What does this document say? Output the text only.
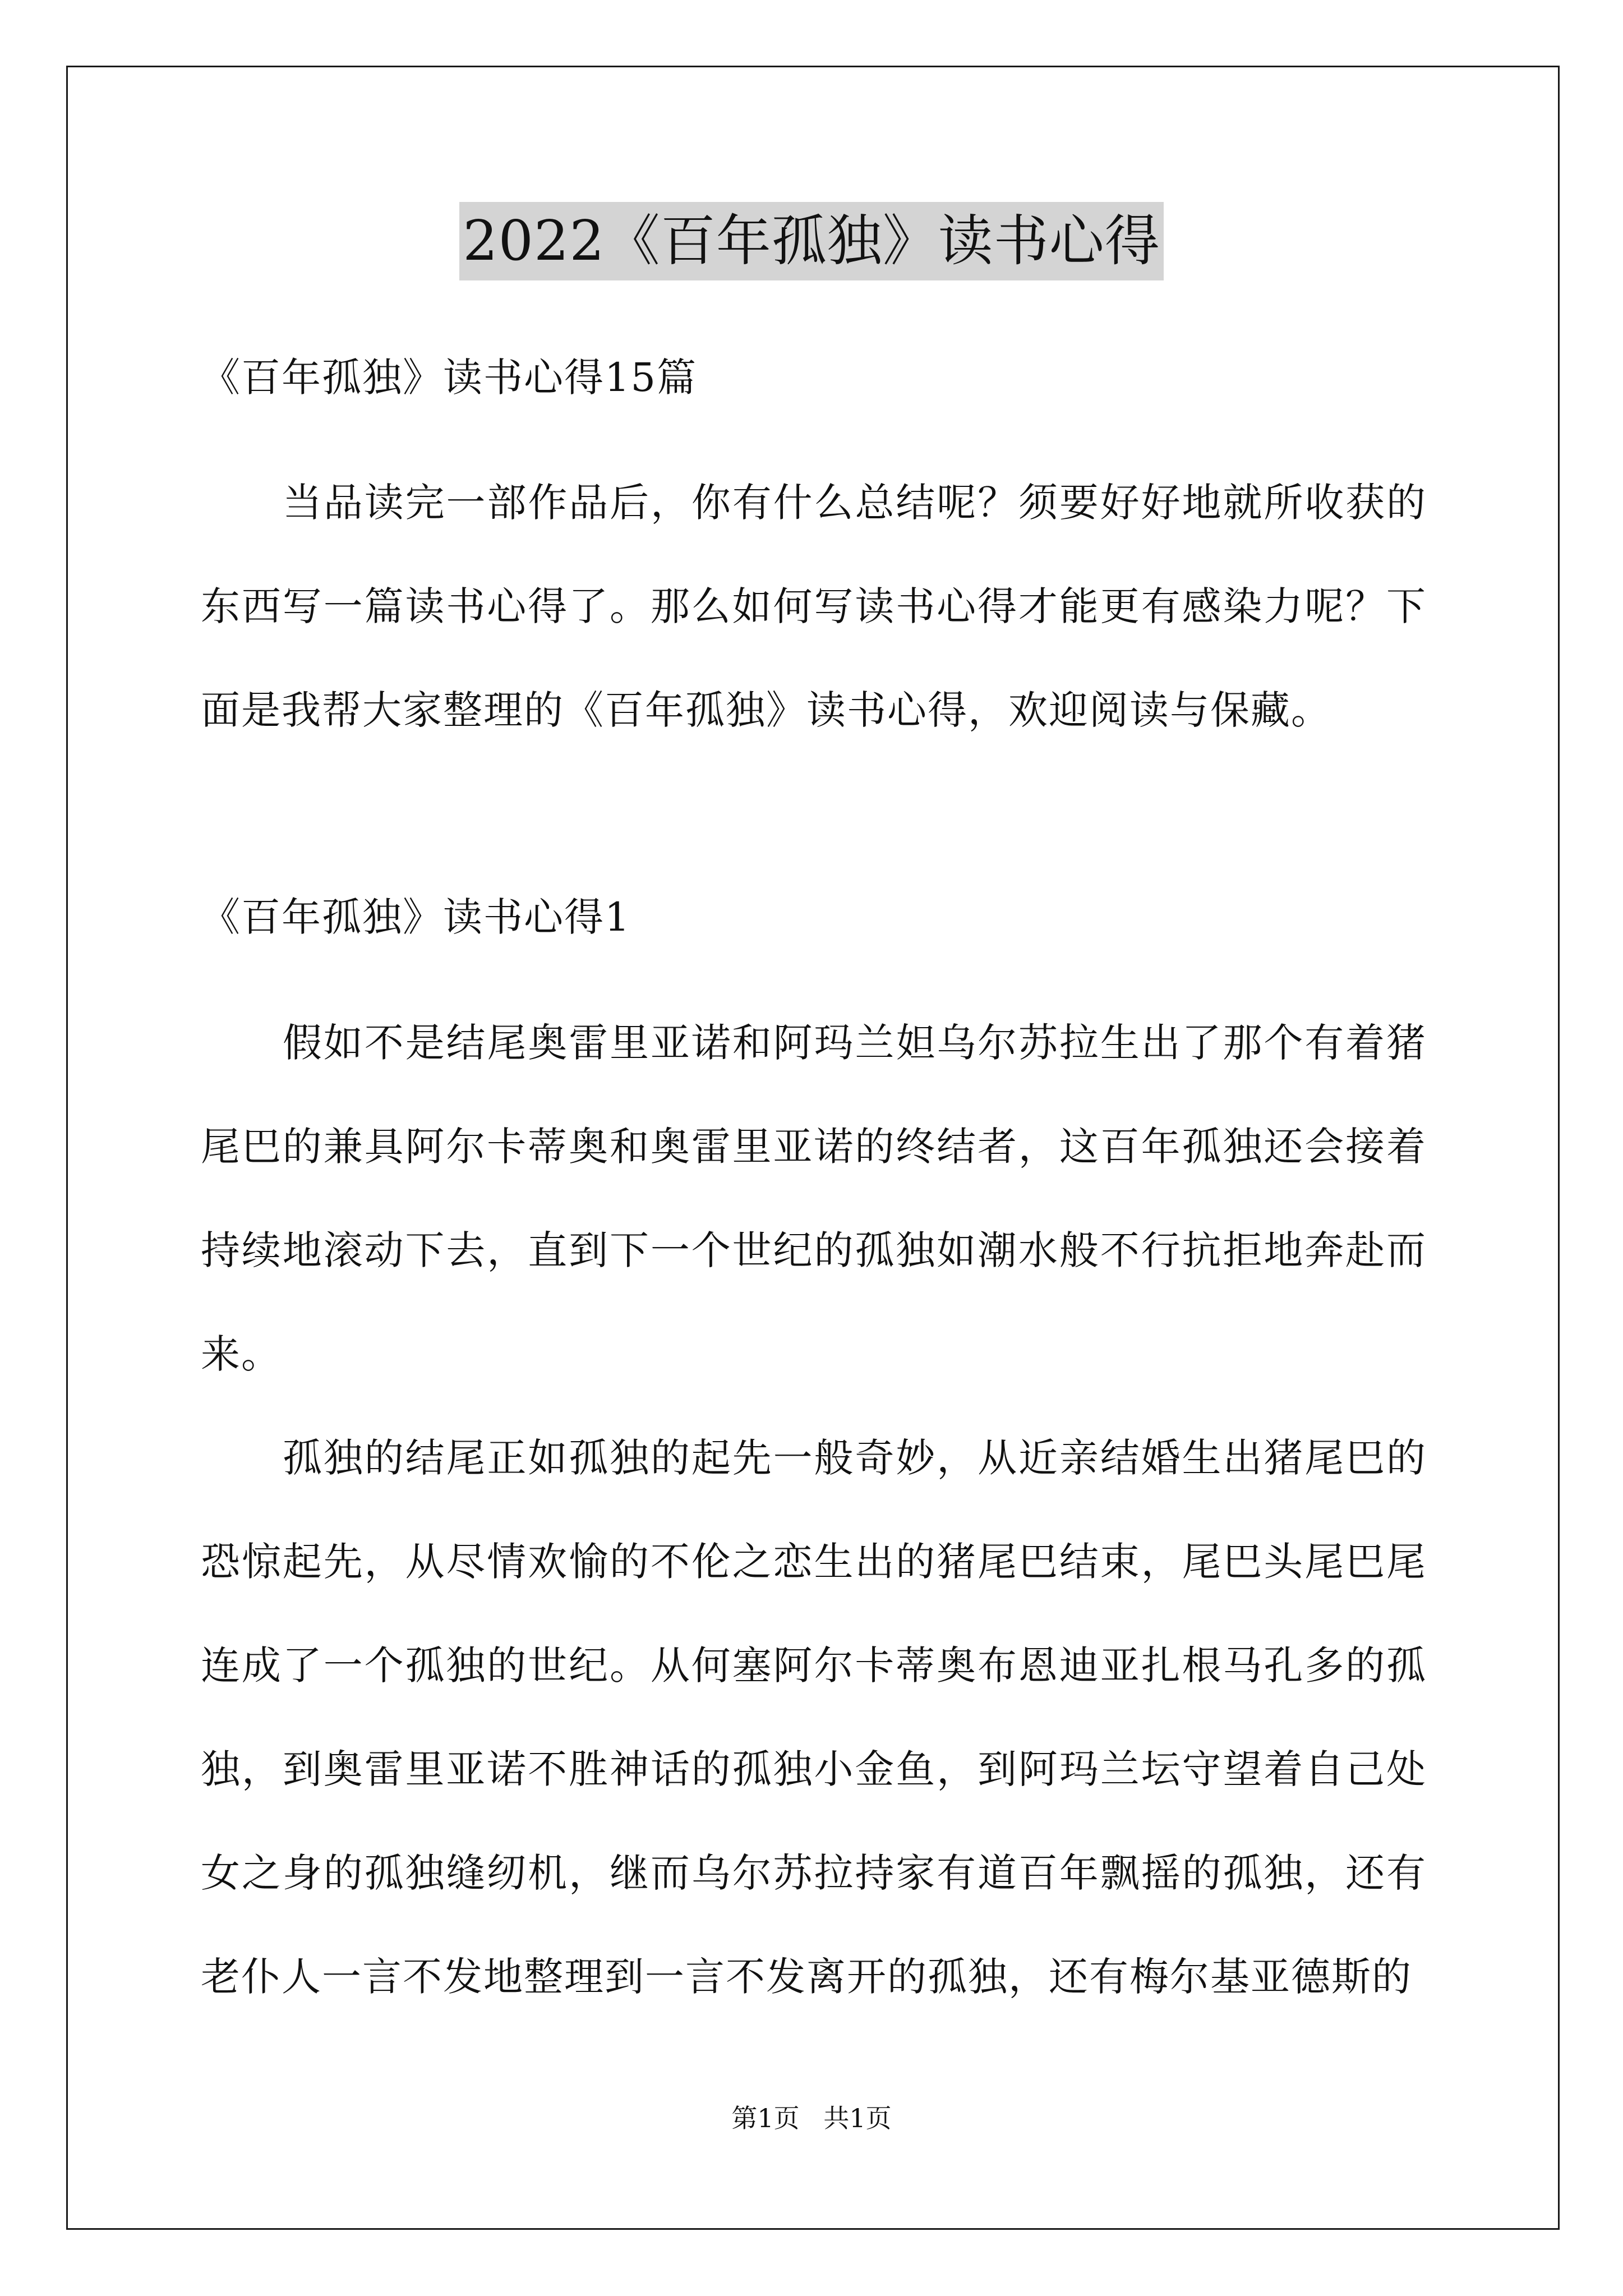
2022《百年孤独》读书心得

《百年孤独》读书心得15篇

当品读完一部作品后，你有什么总结呢？须要好好地就所收获的东西写一篇读书心得了。那么如何写读书心得才能更有感染力呢？下面是我帮大家整理的《百年孤独》读书心得，欢迎阅读与保藏。

《百年孤独》读书心得1

假如不是结尾奥雷里亚诺和阿玛兰妲乌尔苏拉生出了那个有着猪尾巴的兼具阿尔卡蒂奥和奥雷里亚诺的终结者，这百年孤独还会接着持续地滚动下去，直到下一个世纪的孤独如潮水般不行抗拒地奔赴而来。

孤独的结尾正如孤独的起先一般奇妙，从近亲结婚生出猪尾巴的恐惊起先，从尽情欢愉的不伦之恋生出的猪尾巴结束，尾巴头尾巴尾连成了一个孤独的世纪。从何塞阿尔卡蒂奥布恩迪亚扎根马孔多的孤独，到奥雷里亚诺不胜神话的孤独小金鱼，到阿玛兰坛守望着自己处女之身的孤独缝纫机，继而乌尔苏拉持家有道百年飘摇的孤独，还有老仆人一言不发地整理到一言不发离开的孤独，还有梅尔基亚德斯的

第1页 共1页
